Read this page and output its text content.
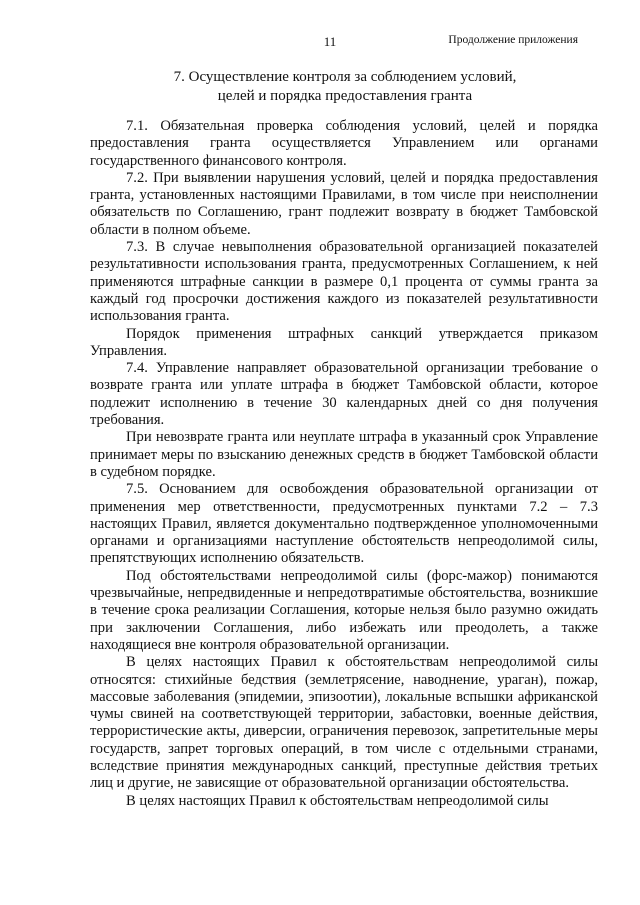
11	Продолжение приложения
7. Осуществление контроля за соблюдением условий,
целей и порядка предоставления гранта

7.1. Обязательная проверка соблюдения условий, целей и порядка предоставления гранта осуществляется Управлением или органами государственного финансового контроля.

7.2. При выявлении нарушения условий, целей и порядка предоставления гранта, установленных настоящими Правилами, в том числе при неисполнении обязательств по Соглашению, грант подлежит возврату в бюджет Тамбовской области в полном объеме.

7.3. В случае невыполнения образовательной организацией показателей результативности использования гранта, предусмотренных Соглашением, к ней применяются штрафные санкции в размере 0,1 процента от суммы гранта за каждый год просрочки достижения каждого из показателей результативности использования гранта.

Порядок применения штрафных санкций утверждается приказом Управления.

7.4. Управление направляет образовательной организации требование о возврате гранта или уплате штрафа в бюджет Тамбовской области, которое подлежит исполнению в течение 30 календарных дней со дня получения требования.

При невозврате гранта или неуплате штрафа в указанный срок Управление принимает меры по взысканию денежных средств в бюджет Тамбовской области в судебном порядке.

7.5. Основанием для освобождения образовательной организации от применения мер ответственности, предусмотренных пунктами 7.2 – 7.3 настоящих Правил, является документально подтвержденное уполномоченными органами и организациями наступление обстоятельств непреодолимой силы, препятствующих исполнению обязательств.

Под обстоятельствами непреодолимой силы (форс-мажор) понимаются чрезвычайные, непредвиденные и непредотвратимые обстоятельства, возникшие в течение срока реализации Соглашения, которые нельзя было разумно ожидать при заключении Соглашения, либо избежать или преодолеть, а также находящиеся вне контроля образовательной организации.

В целях настоящих Правил к обстоятельствам непреодолимой силы относятся: стихийные бедствия (землетрясение, наводнение, ураган), пожар, массовые заболевания (эпидемии, эпизоотии), локальные вспышки африканской чумы свиней на соответствующей территории, забастовки, военные действия, террористические акты, диверсии, ограничения перевозок, запретительные меры государств, запрет торговых операций, в том числе с отдельными странами, вследствие принятия международных санкций, преступные действия третьих лиц и другие, не зависящие от образовательной организации обстоятельства.

В целях настоящих Правил к обстоятельствам непреодолимой силы
